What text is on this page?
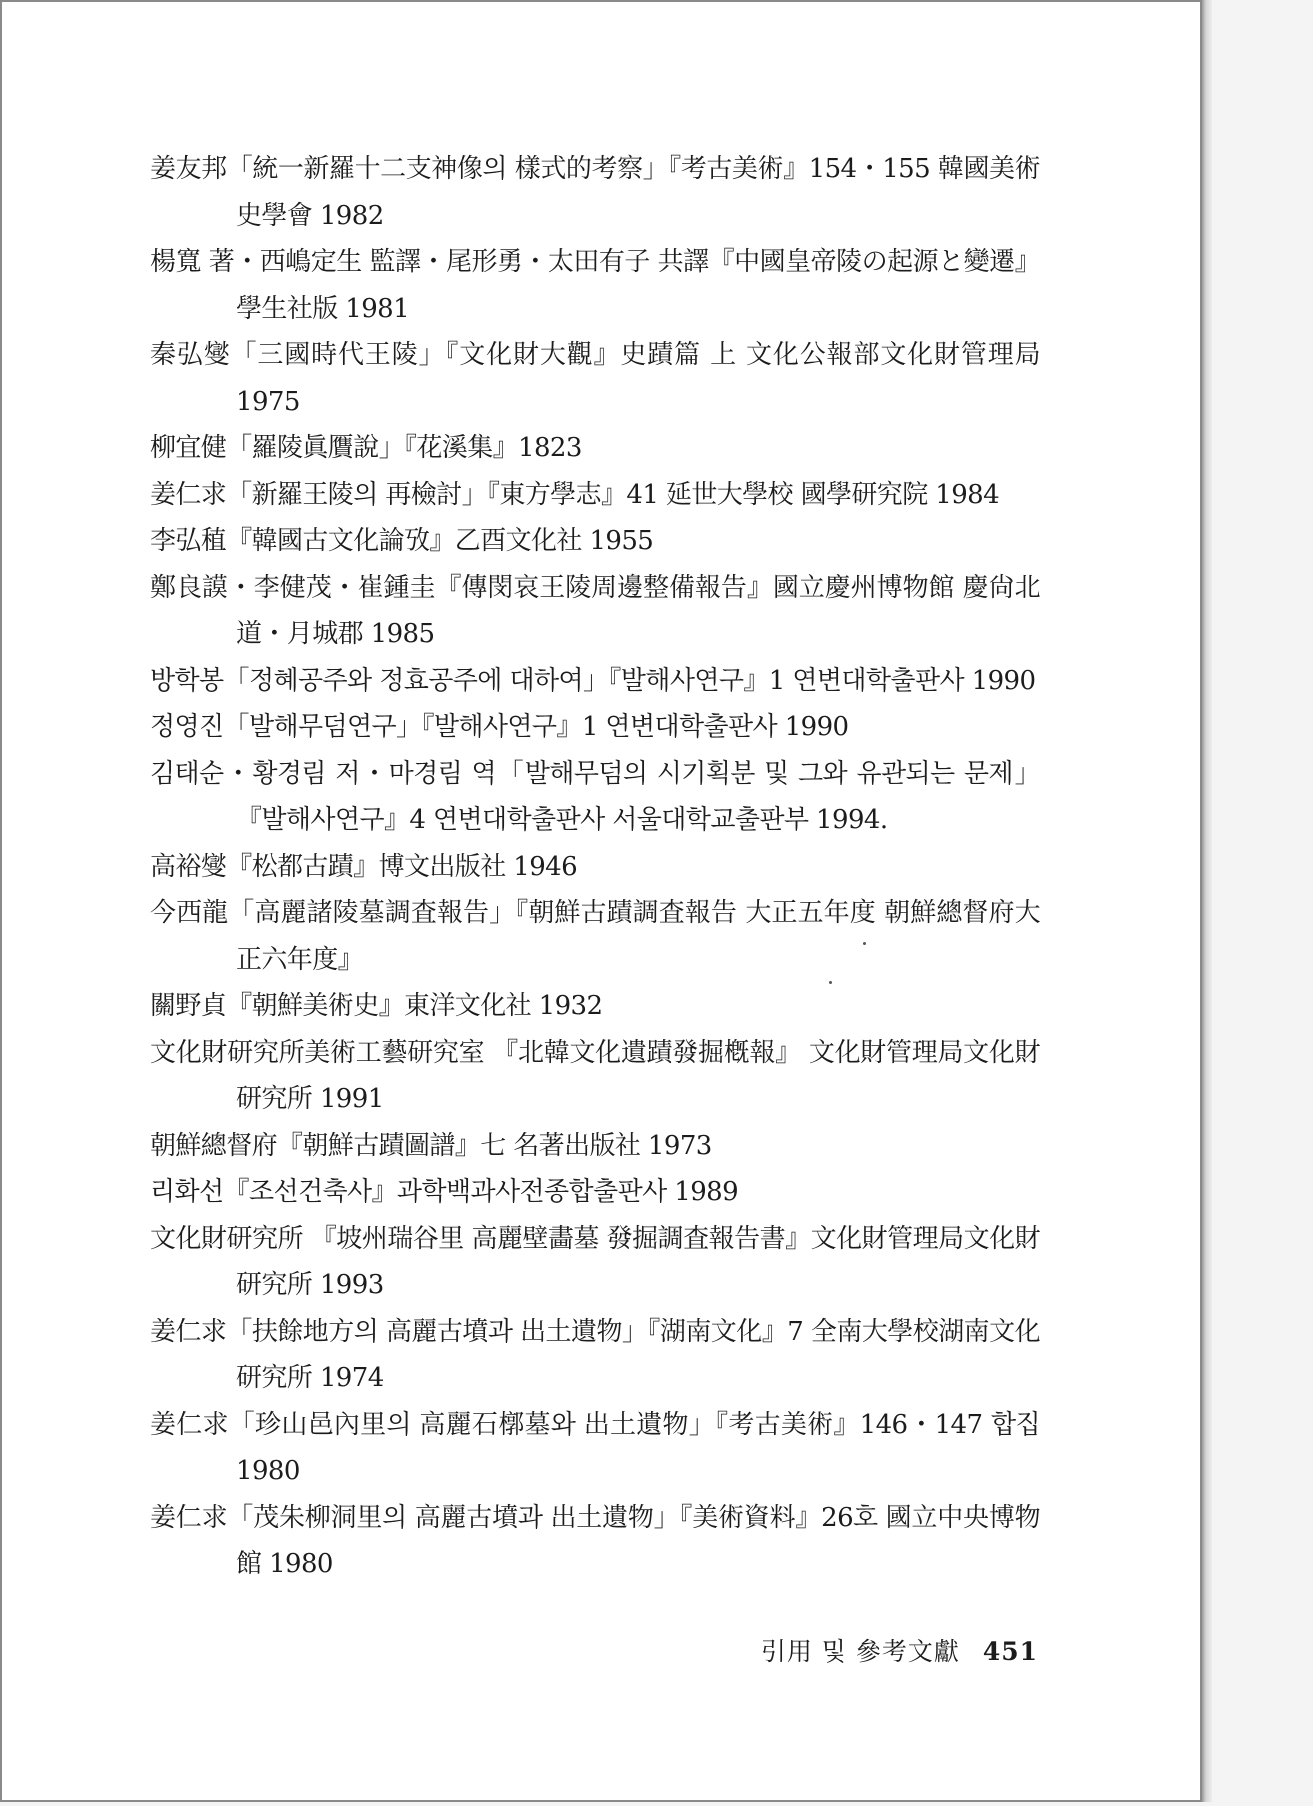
姜友邦「統一新羅十二支神像의 樣式的考察」『考古美術』154・155 韓國美術史學會 1982
楊寬 著・西嶋定生 監譯・尾形勇・太田有子 共譯『中國皇帝陵の起源と變遷』學生社版 1981
秦弘燮「三國時代王陵」『文化財大觀』史蹟篇 上 文化公報部文化財管理局 1975
柳宜健「羅陵眞贋說」『花溪集』1823
姜仁求「新羅王陵의 再檢討」『東方學志』41 延世大學校 國學研究院 1984
李弘稙『韓國古文化論攷』乙酉文化社 1955
鄭良謨・李健茂・崔鍾圭『傳閔哀王陵周邊整備報告』國立慶州博物館 慶尙北道・月城郡 1985
방학봉「정혜공주와 정효공주에 대하여」『발해사연구』1 연변대학출판사 1990
정영진「발해무덤연구」『발해사연구』1 연변대학출판사 1990
김태순・황경림 저・마경림 역「발해무덤의 시기획분 및 그와 유관되는 문제」『발해사연구』4 연변대학출판사 서울대학교출판부 1994.
高裕燮『松都古蹟』博文出版社 1946
今西龍「高麗諸陵墓調査報告」『朝鮮古蹟調査報告 大正五年度 朝鮮總督府大正六年度』
關野貞『朝鮮美術史』東洋文化社 1932
文化財研究所美術工藝研究室 『北韓文化遺蹟發掘槪報』 文化財管理局文化財研究所 1991
朝鮮總督府『朝鮮古蹟圖譜』七 名著出版社 1973
리화선『조선건축사』과학백과사전종합출판사 1989
文化財研究所 『坡州瑞谷里 高麗壁畵墓 發掘調査報告書』文化財管理局文化財研究所 1993
姜仁求「扶餘地方의 高麗古墳과 出土遺物」『湖南文化』7 全南大學校湖南文化研究所 1974
姜仁求「珍山邑內里의 高麗石槨墓와 出土遺物」『考古美術』146・147 합집 1980
姜仁求「茂朱柳洞里의 高麗古墳과 出土遺物」『美術資料』26호 國立中央博物館 1980
引用 및 參考文獻 451
